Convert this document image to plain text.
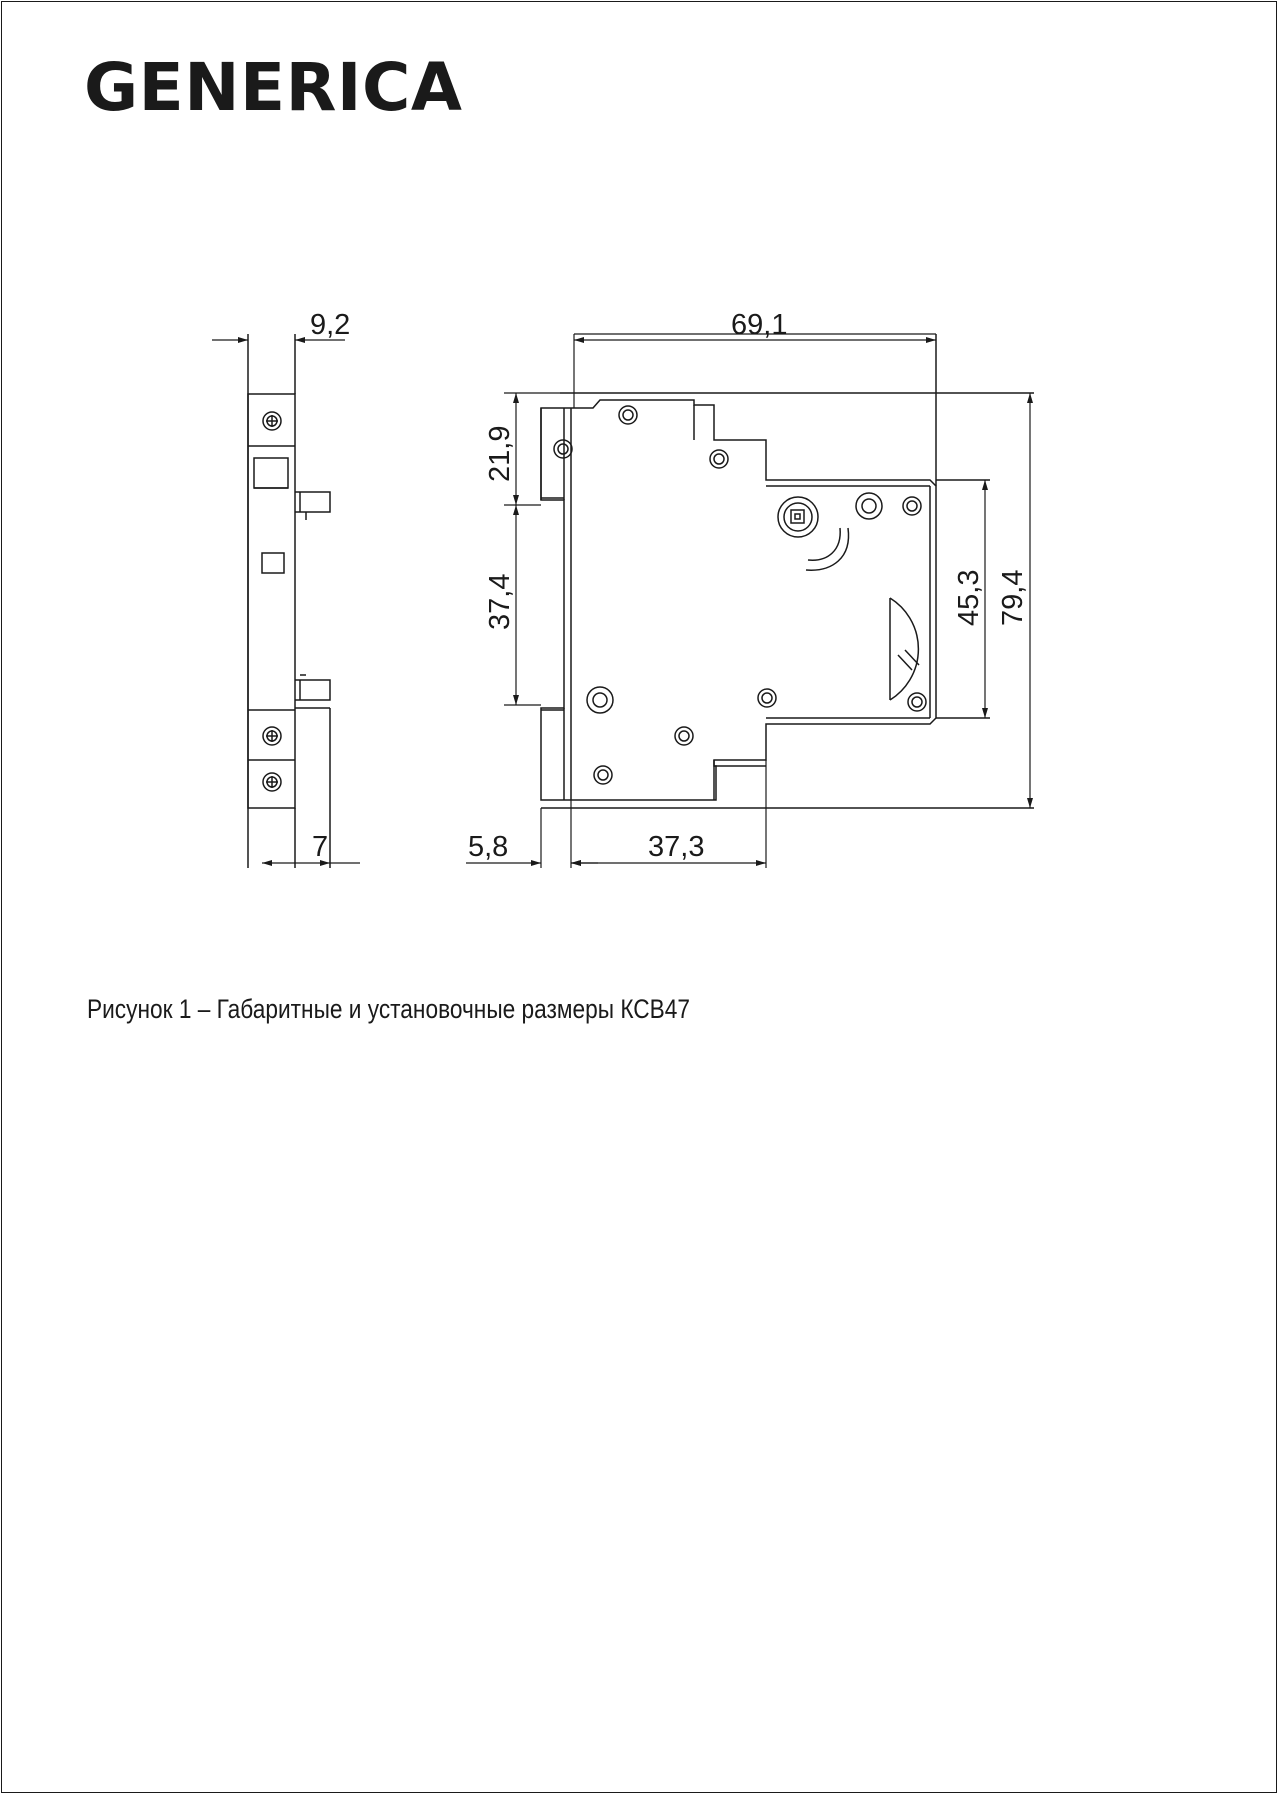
GENERICA
9,2
7
69,1
21,9
37,4	45,3 79,4
5,8	37,3
Рисунок 1 – Габаритные и установочные размеры КСВ47
